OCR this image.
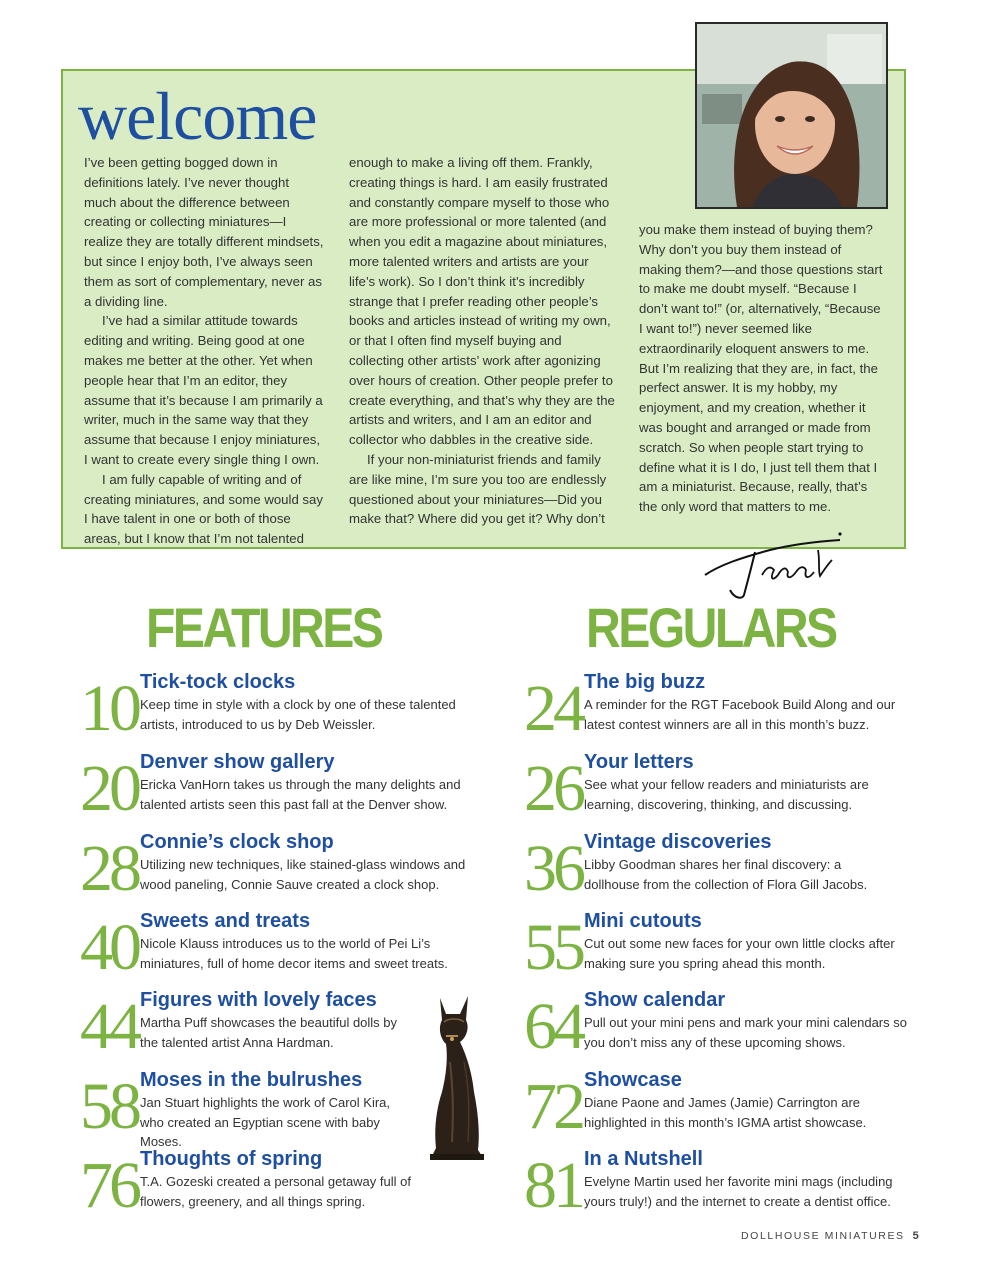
welcome

I’ve been getting bogged down in definitions lately. I’ve never thought much about the difference between creating or collecting miniatures—I realize they are totally different mindsets, but since I enjoy both, I’ve always seen them as sort of complementary, never as a dividing line.

I’ve had a similar attitude towards editing and writing. Being good at one makes me better at the other. Yet when people hear that I’m an editor, they assume that it’s because I am primarily a writer, much in the same way that they assume that because I enjoy miniatures, I want to create every single thing I own.

I am fully capable of writing and of creating miniatures, and some would say I have talent in one or both of those areas, but I know that I’m not talented

enough to make a living off them. Frankly, creating things is hard. I am easily frustrated and constantly compare myself to those who are more professional or more talented (and when you edit a magazine about miniatures, more talented writers and artists are your life’s work). So I don’t think it’s incredibly strange that I prefer reading other people’s books and articles instead of writing my own, or that I often find myself buying and collecting other artists’ work after agonizing over hours of creation. Other people prefer to create everything, and that’s why they are the artists and writers, and I am an editor and collector who dabbles in the creative side.

If your non-miniaturist friends and family are like mine, I’m sure you too are endlessly questioned about your miniatures—Did you make that? Where did you get it? Why don’t

you make them instead of buying them? Why don’t you buy them instead of making them?—and those questions start to make me doubt myself. “Because I don’t want to!” (or, alternatively, “Because I want to!”) never seemed like extraordinarily eloquent answers to me. But I’m realizing that they are, in fact, the perfect answer. It is my hobby, my enjoyment, and my creation, whether it was bought and arranged or made from scratch. So when people start trying to define what it is I do, I just tell them that I am a miniaturist. Because, really, that’s the only word that matters to me.

FEATURES	REGULARS
10 Tick-tock clocks
Keep time in style with a clock by one of these talented artists, introduced to us by Deb Weissler.
20 Denver show gallery
Ericka VanHorn takes us through the many delights and talented artists seen this past fall at the Denver show.
28 Connie’s clock shop
Utilizing new techniques, like stained-glass windows and wood paneling, Connie Sauve created a clock shop.
40 Sweets and treats
Nicole Klauss introduces us to the world of Pei Li’s miniatures, full of home decor items and sweet treats.
44 Figures with lovely faces
Martha Puff showcases the beautiful dolls by the talented artist Anna Hardman.
58 Moses in the bulrushes
Jan Stuart highlights the work of Carol Kira, who created an Egyptian scene with baby Moses.
76 Thoughts of spring
T.A. Gozeski created a personal getaway full of flowers, greenery, and all things spring.
24 The big buzz
A reminder for the RGT Facebook Build Along and our latest contest winners are all in this month’s buzz.
26 Your letters
See what your fellow readers and miniaturists are learning, discovering, thinking, and discussing.
36 Vintage discoveries
Libby Goodman shares her final discovery: a dollhouse from the collection of Flora Gill Jacobs.
55 Mini cutouts
Cut out some new faces for your own little clocks after making sure you spring ahead this month.
64 Show calendar
Pull out your mini pens and mark your mini calendars so you don’t miss any of these upcoming shows.
72 Showcase
Diane Paone and James (Jamie) Carrington are highlighted in this month’s IGMA artist showcase.
81 In a Nutshell
Evelyne Martin used her favorite mini mags (including yours truly!) and the internet to create a dentist office.
DOLLHOUSE MINIATURES 5
